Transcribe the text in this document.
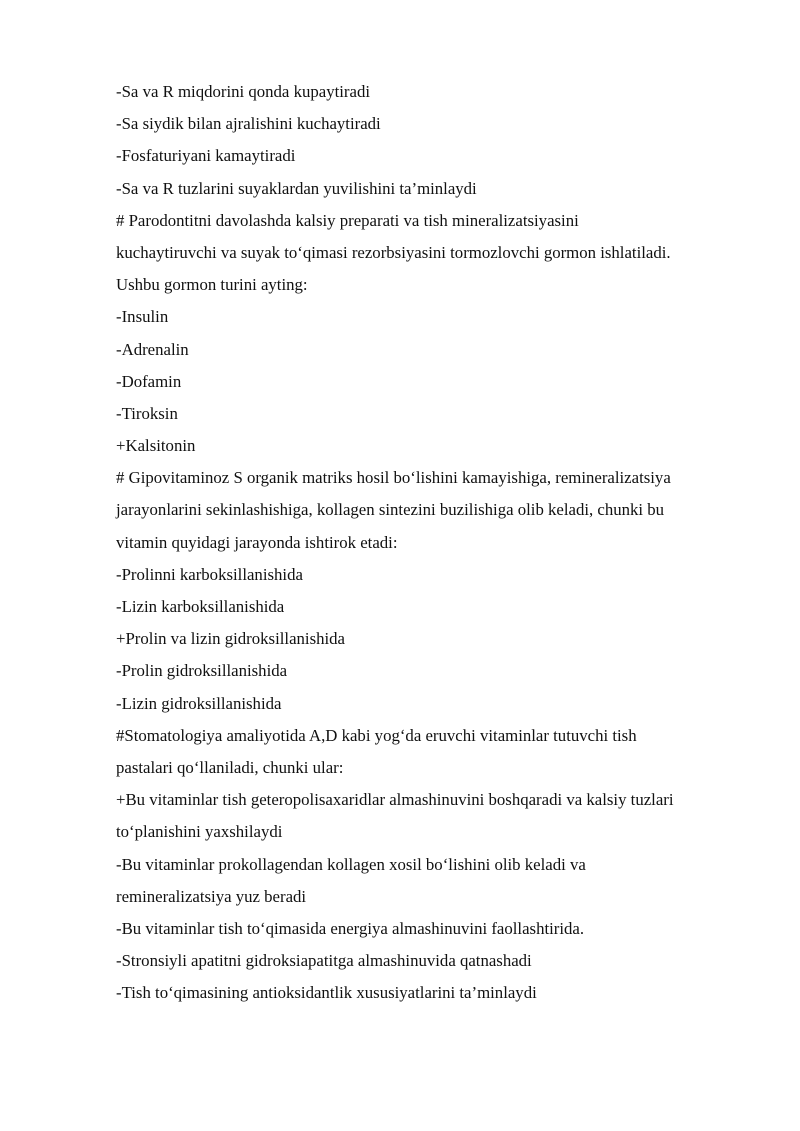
-Sa va R miqdorini qonda kupaytiradi
-Sa siydik bilan ajralishini kuchaytiradi
-Fosfaturiyani kamaytiradi
-Sa va R tuzlarini suyaklardan yuvilishini ta’minlaydi
# Parodontitni davolashda kalsiy preparati va tish mineralizatsiyasini
kuchaytiruvchi va suyak to‘qimasi rezorbsiyasini tormozlovchi gormon ishlatiladi.
Ushbu gormon turini ayting:
-Insulin
-Adrenalin
-Dofamin
-Tiroksin
+Kalsitonin
# Gipovitaminoz S organik matriks hosil bo‘lishini kamayishiga, remineralizatsiya
jarayonlarini sekinlashishiga, kollagen sintezini buzilishiga olib keladi, chunki bu
vitamin quyidagi jarayonda ishtirok etadi:
-Prolinni karboksillanishida
-Lizin karboksillanishida
+Prolin va lizin gidroksillanishida
-Prolin gidroksillanishida
-Lizin gidroksillanishida
#Stomatologiya amaliyotida A,D kabi yog‘da eruvchi vitaminlar tutuvchi tish
pastalari qo‘llaniladi, chunki ular:
+Bu vitaminlar tish geteropolisaxaridlar almashinuvini boshqaradi va kalsiy tuzlari
to‘planishini yaxshilaydi
-Bu vitaminlar prokollagendan kollagen xosil bo‘lishini olib keladi va
remineralizatsiya yuz beradi
-Bu vitaminlar tish to‘qimasida energiya almashinuvini faollashtirida.
-Stronsiyli apatitni gidroksiapatitga almashinuvida qatnashadi
-Tish to‘qimasining antioksidantlik xususiyatlarini ta’minlaydi
